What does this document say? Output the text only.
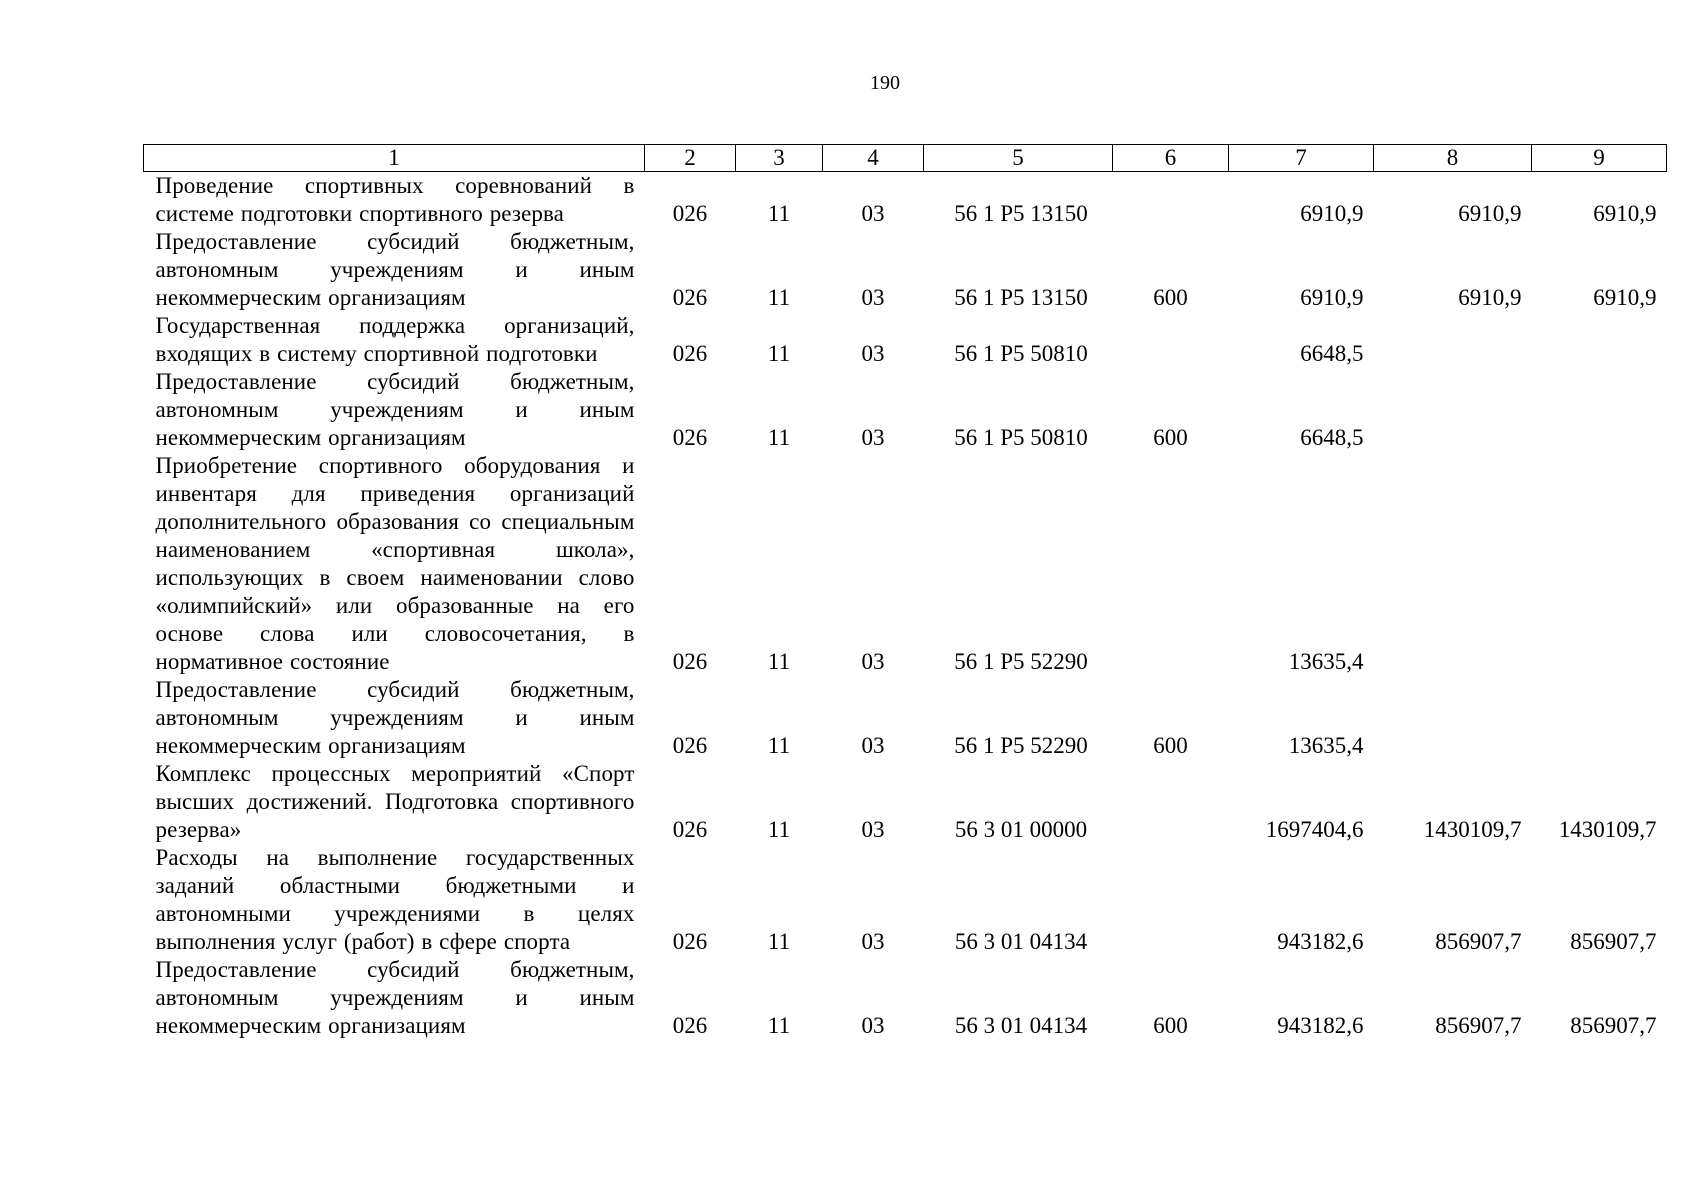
190
1	2	3	4	5	6	7	8	9
Проведение спортивных соревнований в системе подготовки спортивного резерва	026	11	03	56 1 P5 13150		6910,9	6910,9	6910,9
Предоставление субсидий бюджетным, автономным учреждениям и иным некоммерческим организациям	026	11	03	56 1 P5 13150	600	6910,9	6910,9	6910,9
Государственная поддержка организаций, входящих в систему спортивной подготовки	026	11	03	56 1 P5 50810		6648,5		
Предоставление субсидий бюджетным, автономным учреждениям и иным некоммерческим организациям	026	11	03	56 1 P5 50810	600	6648,5		
Приобретение спортивного оборудования и инвентаря для приведения организаций дополнительного образования со специальным наименованием «спортивная школа», использующих в своем наименовании слово «олимпийский» или образованные на его основе слова или словосочетания, в нормативное состояние	026	11	03	56 1 P5 52290		13635,4		
Предоставление субсидий бюджетным, автономным учреждениям и иным некоммерческим организациям	026	11	03	56 1 P5 52290	600	13635,4		
Комплекс процессных мероприятий «Спорт высших достижений. Подготовка спортивного резерва»	026	11	03	56 3 01 00000		1697404,6	1430109,7	1430109,7
Расходы на выполнение государственных заданий областными бюджетными и автономными учреждениями в целях выполнения услуг (работ) в сфере спорта	026	11	03	56 3 01 04134		943182,6	856907,7	856907,7
Предоставление субсидий бюджетным, автономным учреждениям и иным некоммерческим организациям	026	11	03	56 3 01 04134	600	943182,6	856907,7	856907,7
